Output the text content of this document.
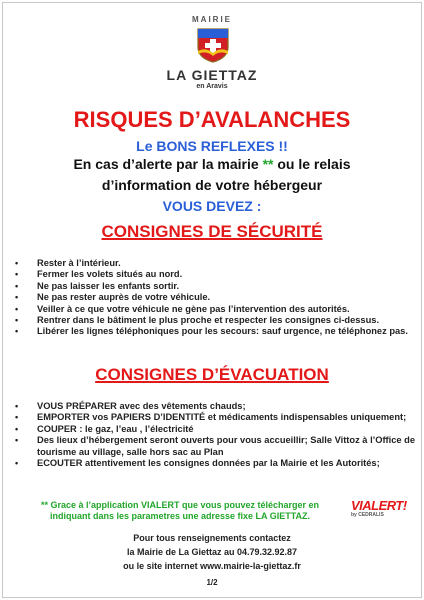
MAIRIE
LA GIETTAZ
en Aravis
RISQUES D’AVALANCHES
Le BONS REFLEXES !!
En cas d’alerte par la mairie ** ou le relais
d’information de votre hébergeur
VOUS DEVEZ :
CONSIGNES DE SÉCURITÉ
• Rester à l’intérieur.
• Fermer les volets situés au nord.
• Ne pas laisser les enfants sortir.
• Ne pas rester auprès de votre véhicule.
• Veiller à ce que votre véhicule ne gène pas l’intervention des autorités.
• Rentrer dans le bâtiment le plus proche et respecter les consignes ci-dessus.
• Libérer les lignes téléphoniques pour les secours: sauf urgence, ne téléphonez pas.
CONSIGNES D’ÉVACUATION
• VOUS PRÉPARER avec des vêtements chauds;
• EMPORTER vos PAPIERS D’IDENTITÉ et médicaments indispensables uniquement;
• COUPER : le gaz, l’eau , l’électricité
• Des lieux d’hébergement seront ouverts pour vous accueillir; Salle Vittoz à l’Office de tourisme au village, salle hors sac au Plan
• ECOUTER attentivement les consignes données par la Mairie et les Autorités;
** Grace à l’application VIALERT que vous pouvez télécharger en
indiquant dans les parametres une adresse fixe LA GIETTAZ.
VIALERT!
by CEDRALIS
Pour tous renseignements contactez
la Mairie de La Giettaz au 04.79.32.92.87
ou le site internet www.mairie-la-giettaz.fr
1/2
